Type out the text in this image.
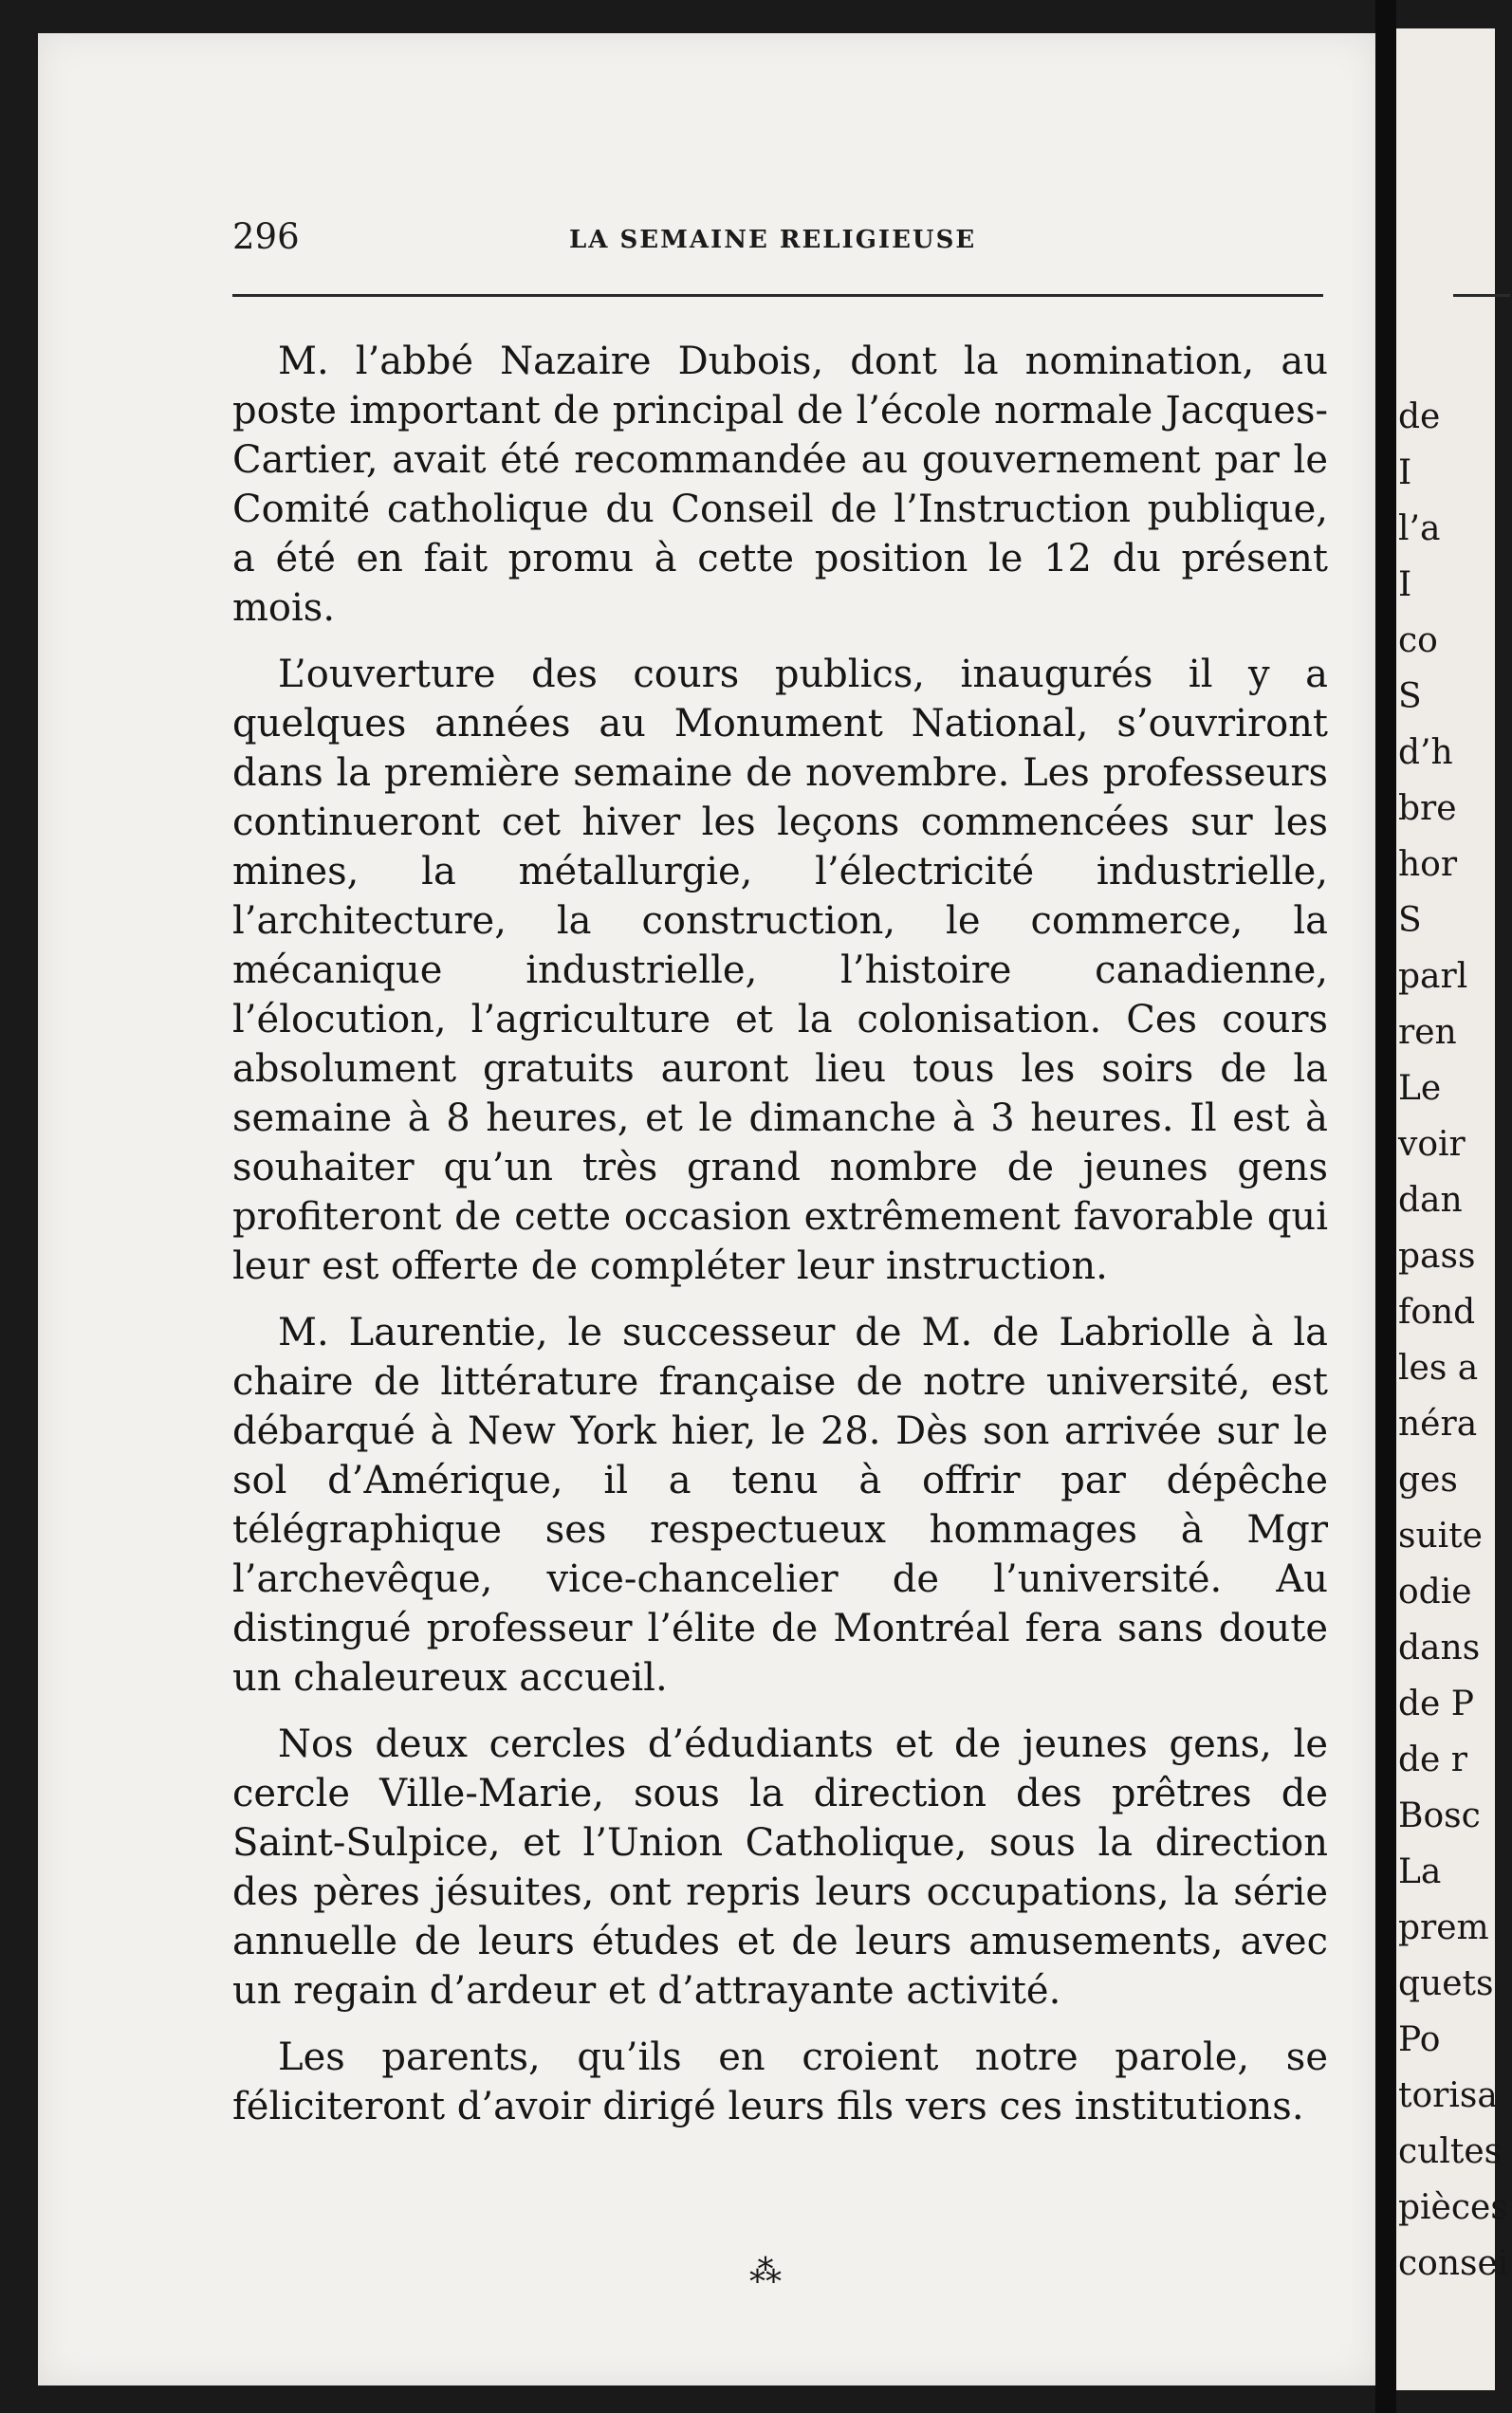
296	LA SEMAINE RELIGIEUSE

M. l’abbé Nazaire Dubois, dont la nomination, au poste important de principal de l’école normale Jacques-Cartier, avait été recommandée au gouvernement par le Comité catholique du Conseil de l’Instruction publique, a été en fait promu à cette position le 12 du présent mois.

L’ouverture des cours publics, inaugurés il y a quelques années au Monument National, s’ouvriront dans la première semaine de novembre. Les professeurs continueront cet hiver les leçons commencées sur les mines, la métallurgie, l’électricité industrielle, l’architecture, la construction, le commerce, la mécanique industrielle, l’histoire canadienne, l’élocution, l’agriculture et la colonisation. Ces cours absolument gratuits auront lieu tous les soirs de la semaine à 8 heures, et le dimanche à 3 heures. Il est à souhaiter qu’un très grand nombre de jeunes gens profiteront de cette occasion extrêmement favorable qui leur est offerte de compléter leur instruction.

M. Laurentie, le successeur de M. de Labriolle à la chaire de littérature française de notre université, est débarqué à New York hier, le 28. Dès son arrivée sur le sol d’Amérique, il a tenu à offrir par dépêche télégraphique ses respectueux hommages à Mgr l’archevêque, vice-chancelier de l’université. Au distingué professeur l’élite de Montréal fera sans doute un chaleureux accueil.

Nos deux cercles d’édudiants et de jeunes gens, le cercle Ville-Marie, sous la direction des prêtres de Saint-Sulpice, et l’Union Catholique, sous la direction des pères jésuites, ont repris leurs occupations, la série annuelle de leurs études et de leurs amusements, avec un regain d’ardeur et d’attrayante activité.

Les parents, qu’ils en croient notre parole, se féliciteront d’avoir dirigé leurs fils vers ces institutions.

⁂
de
I
l’a
I
co
S
d’h
bre
hor
S
parl
ren
Le
voir
dan
pass
fond
les a
néra
ges
suite
odie
dans
de P
de r
Bosc
La
prem
quets
Po
torisa
cultes
pièces
consei
